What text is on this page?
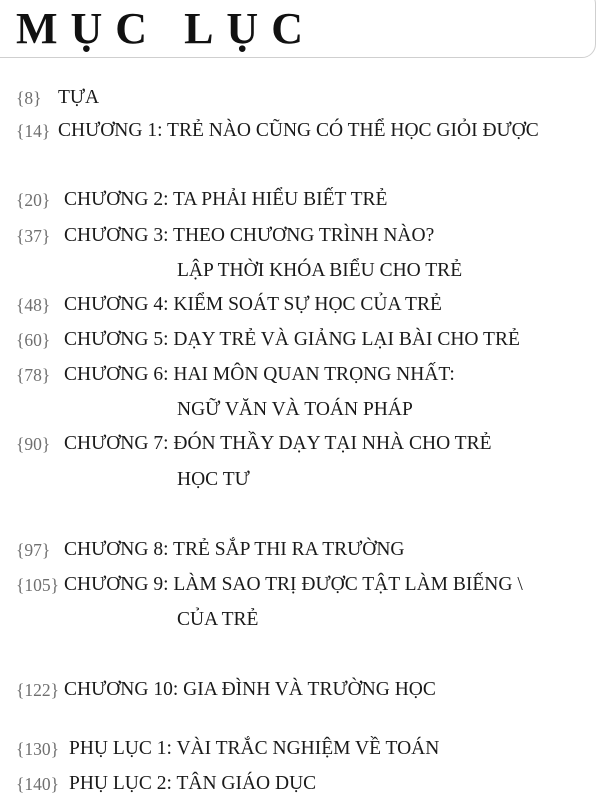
MỤC LỤC
{8} TỰA
{14} CHƯƠNG 1: TRẺ NÀO CŨNG CÓ THỂ HỌC GIỎI ĐƯỢC
{20} CHƯƠNG 2: TA PHẢI HIỂU BIẾT TRẺ
{37} CHƯƠNG 3: THEO CHƯƠNG TRÌNH NÀO?
LẬP THỜI KHÓA BIỂU CHO TRẺ
{48} CHƯƠNG 4: KIỂM SOÁT SỰ HỌC CỦA TRẺ
{60} CHƯƠNG 5: DẠY TRẺ VÀ GIẢNG LẠI BÀI CHO TRẺ
{78} CHƯƠNG 6: HAI MÔN QUAN TRỌNG NHẤT:
NGỮ VĂN VÀ TOÁN PHÁP
{90} CHƯƠNG 7: ĐÓN THẦY DẠY TẠI NHÀ CHO TRẺ
HỌC TƯ
{97} CHƯƠNG 8: TRẺ SẮP THI RA TRƯỜNG
{105} CHƯƠNG 9: LÀM SAO TRỊ ĐƯỢC TẬT LÀM BIẾNG \
CỦA TRẺ
{122} CHƯƠNG 10: GIA ĐÌNH VÀ TRƯỜNG HỌC
{130} PHỤ LỤC 1: VÀI TRẮC NGHIỆM VỀ TOÁN
{140} PHỤ LỤC 2: TÂN GIÁO DỤC
